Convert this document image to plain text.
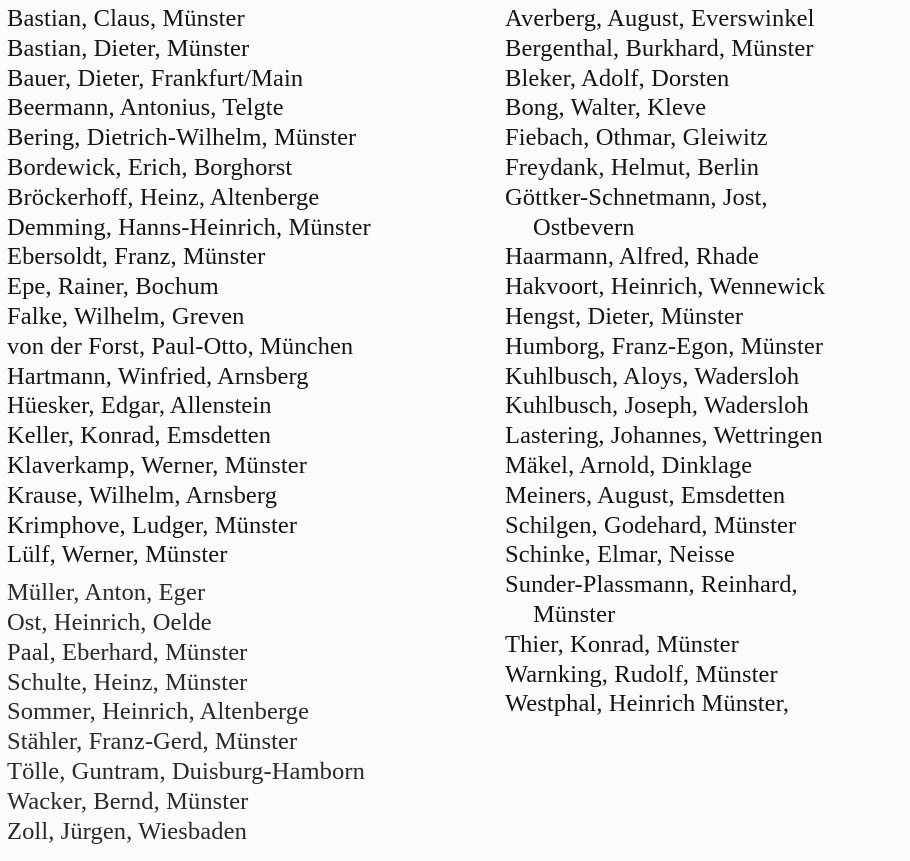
Bastian, Claus, Münster
Bastian, Dieter, Münster
Bauer, Dieter, Frankfurt/Main
Beermann, Antonius, Telgte
Bering, Dietrich-Wilhelm, Münster
Bordewick, Erich, Borghorst
Bröckerhoff, Heinz, Altenberge
Demming, Hanns-Heinrich, Münster
Ebersoldt, Franz, Münster
Epe, Rainer, Bochum
Falke, Wilhelm, Greven
von der Forst, Paul-Otto, München
Hartmann, Winfried, Arnsberg
Hüesker, Edgar, Allenstein
Keller, Konrad, Emsdetten
Klaverkamp, Werner, Münster
Krause, Wilhelm, Arnsberg
Krimphove, Ludger, Münster
Lülf, Werner, Münster
Müller, Anton, Eger
Ost, Heinrich, Oelde
Paal, Eberhard, Münster
Schulte, Heinz, Münster
Sommer, Heinrich, Altenberge
Stähler, Franz-Gerd, Münster
Tölle, Guntram, Duisburg-Hamborn
Wacker, Bernd, Münster
Zoll, Jürgen, Wiesbaden
Averberg, August, Everswinkel
Bergenthal, Burkhard, Münster
Bleker, Adolf, Dorsten
Bong, Walter, Kleve
Fiebach, Othmar, Gleiwitz
Freydank, Helmut, Berlin
Göttker-Schnetmann, Jost,
Ostbevern
Haarmann, Alfred, Rhade
Hakvoort, Heinrich, Wennewick
Hengst, Dieter, Münster
Humborg, Franz-Egon, Münster
Kuhlbusch, Aloys, Wadersloh
Kuhlbusch, Joseph, Wadersloh
Lastering, Johannes, Wettringen
Mäkel, Arnold, Dinklage
Meiners, August, Emsdetten
Schilgen, Godehard, Münster
Schinke, Elmar, Neisse
Sunder-Plassmann, Reinhard,
Münster
Thier, Konrad, Münster
Warnking, Rudolf, Münster
Westphal, Heinrich Münster,
